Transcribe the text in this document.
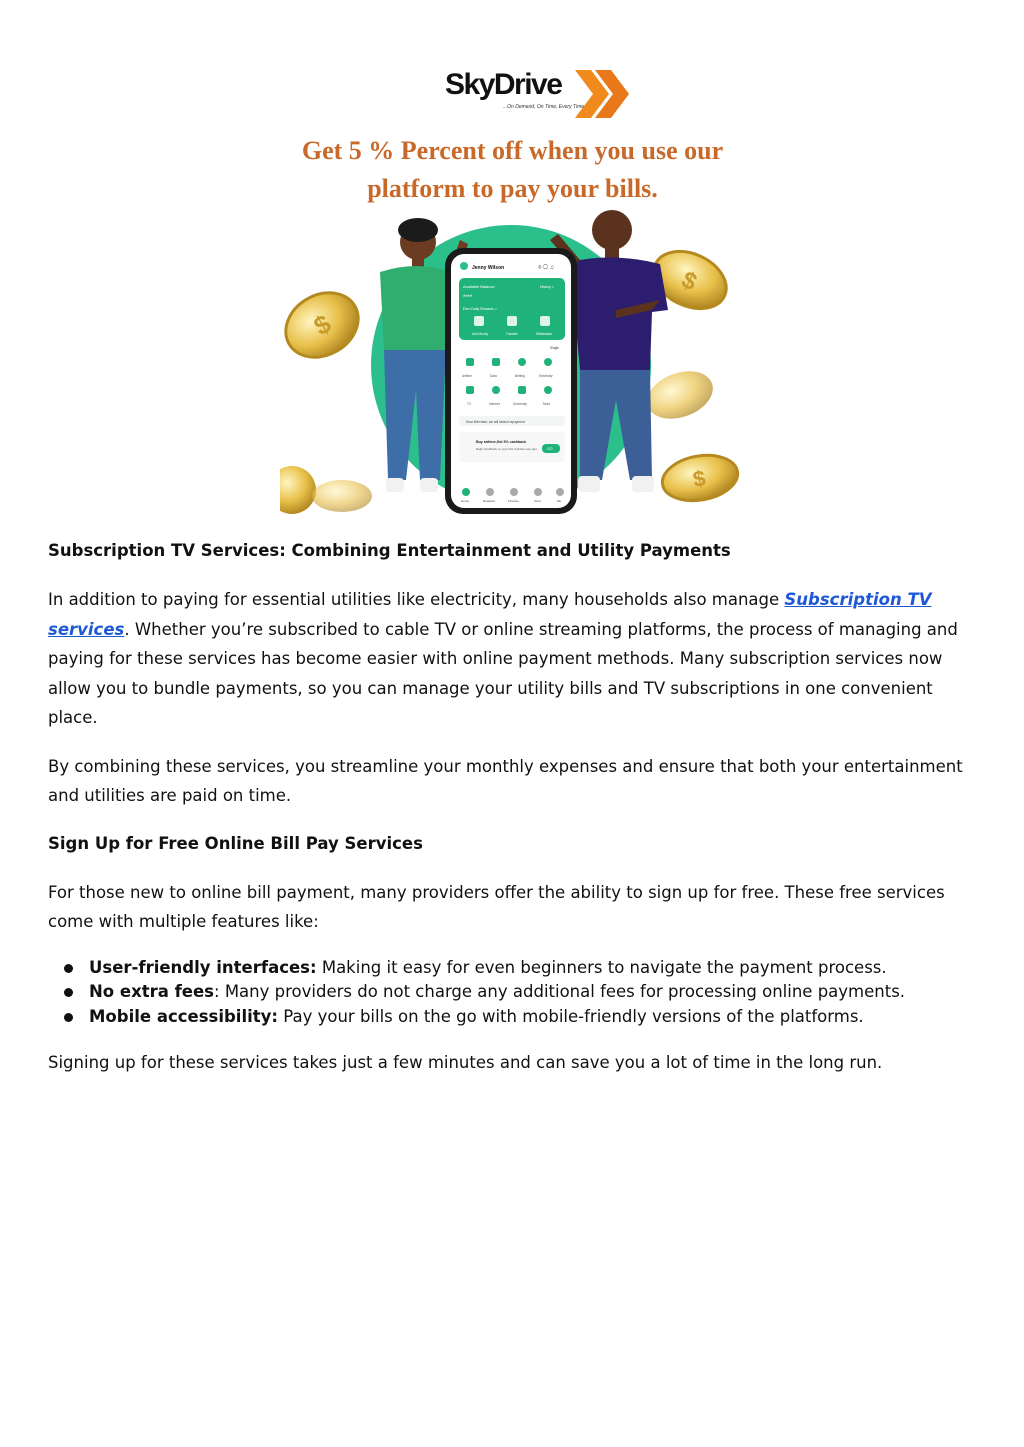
SkyDrive
...On Demand, On Time, Every Time
Get 5 % Percent off when you use our
platform to pay your bills.
$
$
$
Jenny Wilson	⌾ ▢ ♫
Available Balance	History >
****
Earn Daily Rewards >
Add Money	Transfer	Withdrawal
Single
Airtime	Data	Betting	Electricity
TV	Internet	University	More
Dear Merchant, we will deduct repayment
Buy airtime,Get 3% cashback
Daily Cashback on your first 3 Airtime top-ups	GO
Home	Rewards	Finance	Card	Me
Subscription TV Services: Combining Entertainment and Utility Payments

In addition to paying for essential utilities like electricity, many households also manage Subscription TV services. Whether you’re subscribed to cable TV or online streaming platforms, the process of managing and paying for these services has become easier with online payment methods. Many subscription services now allow you to bundle payments, so you can manage your utility bills and TV subscriptions in one convenient place.

By combining these services, you streamline your monthly expenses and ensure that both your entertainment and utilities are paid on time.

Sign Up for Free Online Bill Pay Services

For those new to online bill payment, many providers offer the ability to sign up for free. These free services come with multiple features like:

User-friendly interfaces: Making it easy for even beginners to navigate the payment process.
No extra fees: Many providers do not charge any additional fees for processing online payments.
Mobile accessibility: Pay your bills on the go with mobile-friendly versions of the platforms.

Signing up for these services takes just a few minutes and can save you a lot of time in the long run.
